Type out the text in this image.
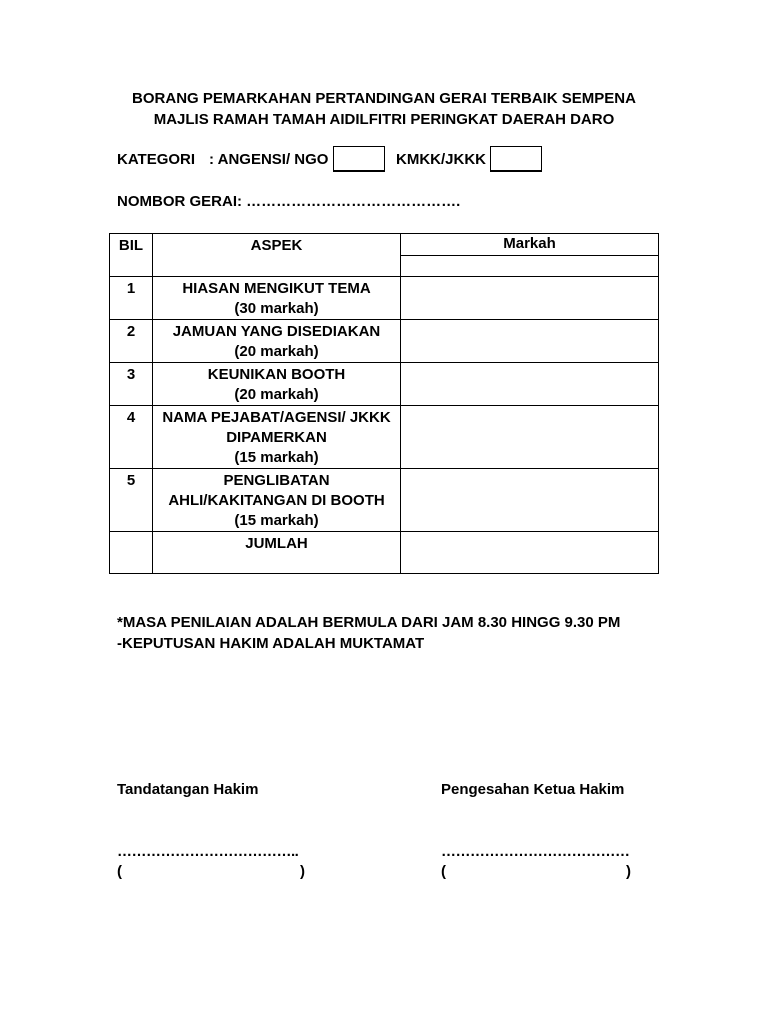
BORANG PEMARKAHAN PERTANDINGAN GERAI TERBAIK SEMPENA
MAJLIS RAMAH TAMAH AIDILFITRI PERINGKAT DAERAH DARO
KATEGORI : ANGENSI/ NGO	KMKK/JKKK
NOMBOR GERAI: …………………………………….
BIL	ASPEK	Markah

1	HIASAN MENGIKUT TEMA
(30 markah)	

2	JAMUAN YANG DISEDIAKAN
(20 markah)	

3	KEUNIKAN BOOTH
(20 markah)	

4	NAMA PEJABAT/AGENSI/ JKKK
DIPAMERKAN
(15 markah)	

5	PENGLIBATAN
AHLI/KAKITANGAN DI BOOTH
(15 markah)	

	JUMLAH	

*MASA PENILAIAN ADALAH BERMULA DARI JAM 8.30 HINGG 9.30 PM
-KEPUTUSAN HAKIM ADALAH MUKTAMAT
Tandatangan Hakim	Pengesahan Ketua Hakim
………………………………..	…………………………………
(	)	(	)
